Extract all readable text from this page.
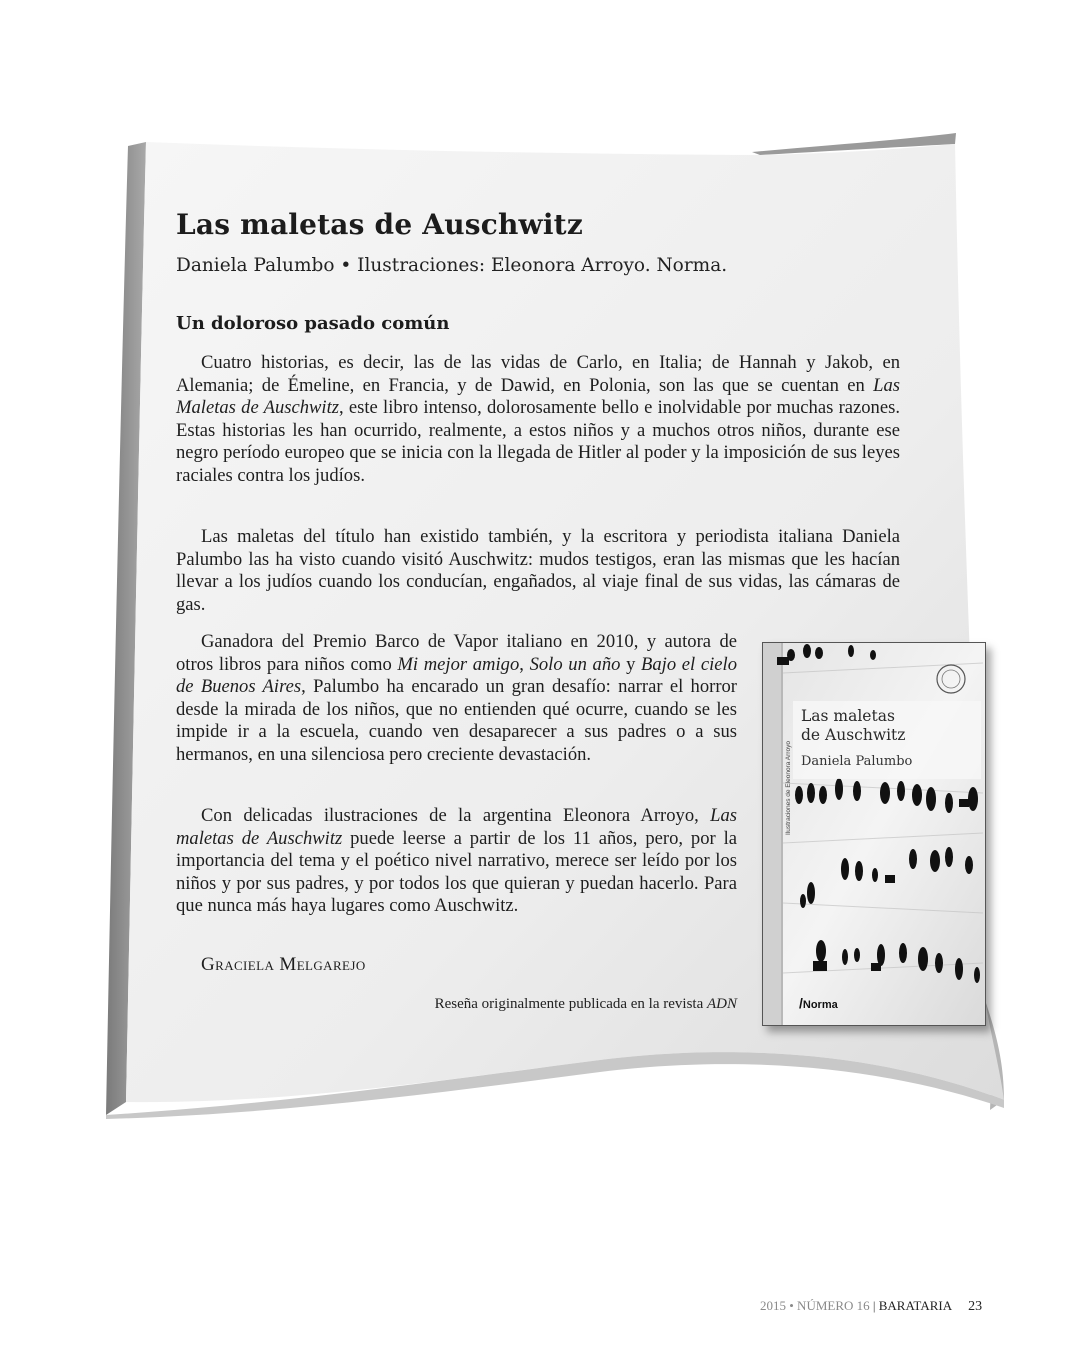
Las maletas de Auschwitz

Daniela Palumbo • Ilustraciones: Eleonora Arroyo. Norma.

Un doloroso pasado común

Cuatro historias, es decir, las de las vidas de Carlo, en Italia; de Hannah y Jakob, en Alemania; de Émeline, en Francia, y de Dawid, en Polonia, son las que se cuentan en Las Maletas de Auschwitz, este libro intenso, dolorosamente bello e inolvidable por muchas razones. Estas historias les han ocurrido, realmente, a estos niños y a muchos otros niños, durante ese negro período europeo que se inicia con la llegada de Hitler al poder y la imposición de sus leyes raciales contra los judíos.

Las maletas del título han existido también, y la escritora y periodista italiana Daniela Palumbo las ha visto cuando visitó Auschwitz: mudos testigos, eran las mismas que les hacían llevar a los judíos cuando los conducían, engañados, al viaje final de sus vidas, las cámaras de gas.

Ganadora del Premio Barco de Vapor italiano en 2010, y autora de otros libros para niños como Mi mejor amigo, Solo un año y Bajo el cielo de Buenos Aires, Palumbo ha encarado un gran desafío: narrar el horror desde la mirada de los niños, que no entienden qué ocurre, cuando se les impide ir a la escuela, cuando ven desaparecer a sus padres o a sus hermanos, en una silenciosa pero creciente devastación.

Con delicadas ilustraciones de la argentina Eleonora Arroyo, Las maletas de Auschwitz puede leerse a partir de los 11 años, pero, por la importancia del tema y el poético nivel narrativo, merece ser leído por los niños y por sus padres, y por todos los que quieran y puedan hacerlo. Para que nunca más haya lugares como Auschwitz.

Graciela Melgarejo
Reseña originalmente publicada en la revista ADN
Las maletas
de Auschwitz
Daniela Palumbo
Ilustraciones de Eleonora Arroyo
/Norma
2015 • NÚMERO 16 | BARATARIA 23
